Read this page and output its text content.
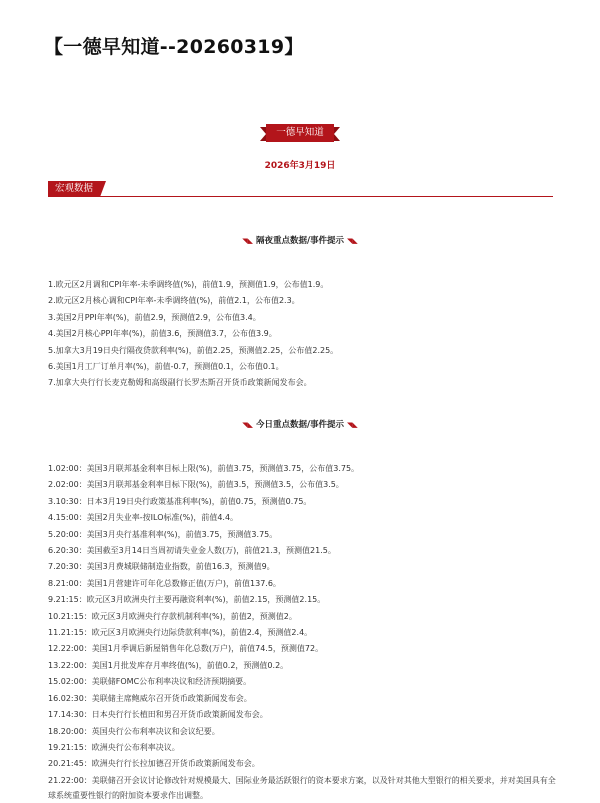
【一德早知道--20260319】
一德早知道
2026年3月19日
宏观数据
◥◣ 隔夜重点数据/事件提示 ◥◣
1.欧元区2月调和CPI年率-未季调终值(%)，前值1.9，预测值1.9，公布值1.9。
2.欧元区2月核心调和CPI年率-未季调终值(%)，前值2.1，公布值2.3。
3.美国2月PPI年率(%)，前值2.9，预测值2.9，公布值3.4。
4.美国2月核心PPI年率(%)，前值3.6，预测值3.7，公布值3.9。
5.加拿大3月19日央行隔夜贷款利率(%)，前值2.25，预测值2.25，公布值2.25。
6.美国1月工厂订单月率(%)，前值-0.7，预测值0.1，公布值0.1。
7.加拿大央行行长麦克勒姆和高级副行长罗杰斯召开货币政策新闻发布会。
◥◣ 今日重点数据/事件提示 ◥◣
1.02:00：美国3月联邦基金利率目标上限(%)，前值3.75，预测值3.75，公布值3.75。
2.02:00：美国3月联邦基金利率目标下限(%)，前值3.5，预测值3.5，公布值3.5。
3.10:30：日本3月19日央行政策基准利率(%)，前值0.75，预测值0.75。
4.15:00：美国2月失业率-按ILO标准(%)，前值4.4。
5.20:00：美国3月央行基准利率(%)，前值3.75，预测值3.75。
6.20:30：美国截至3月14日当周初请失业金人数(万)，前值21.3，预测值21.5。
7.20:30：美国3月费城联储制造业指数，前值16.3，预测值9。
8.21:00：美国1月营建许可年化总数修正值(万户)，前值137.6。
9.21:15：欧元区3月欧洲央行主要再融资利率(%)，前值2.15，预测值2.15。
10.21:15：欧元区3月欧洲央行存款机制利率(%)，前值2，预测值2。
11.21:15：欧元区3月欧洲央行边际贷款利率(%)，前值2.4，预测值2.4。
12.22:00：美国1月季调后新屋销售年化总数(万户)，前值74.5，预测值72。
13.22:00：美国1月批发库存月率终值(%)，前值0.2，预测值0.2。
15.02:00：美联储FOMC公布利率决议和经济预期摘要。
16.02:30：美联储主席鲍威尔召开货币政策新闻发布会。
17.14:30：日本央行行长植田和男召开货币政策新闻发布会。
18.20:00：英国央行公布利率决议和会议纪要。
19.21:15：欧洲央行公布利率决议。
20.21:45：欧洲央行行长拉加德召开货币政策新闻发布会。
21.22:00：美联储召开会议讨论修改针对规模最大、国际业务最活跃银行的资本要求方案，以及针对其他大型银行的相关要求，并对美国具有全球系统重要性银行的附加资本要求作出调整。
